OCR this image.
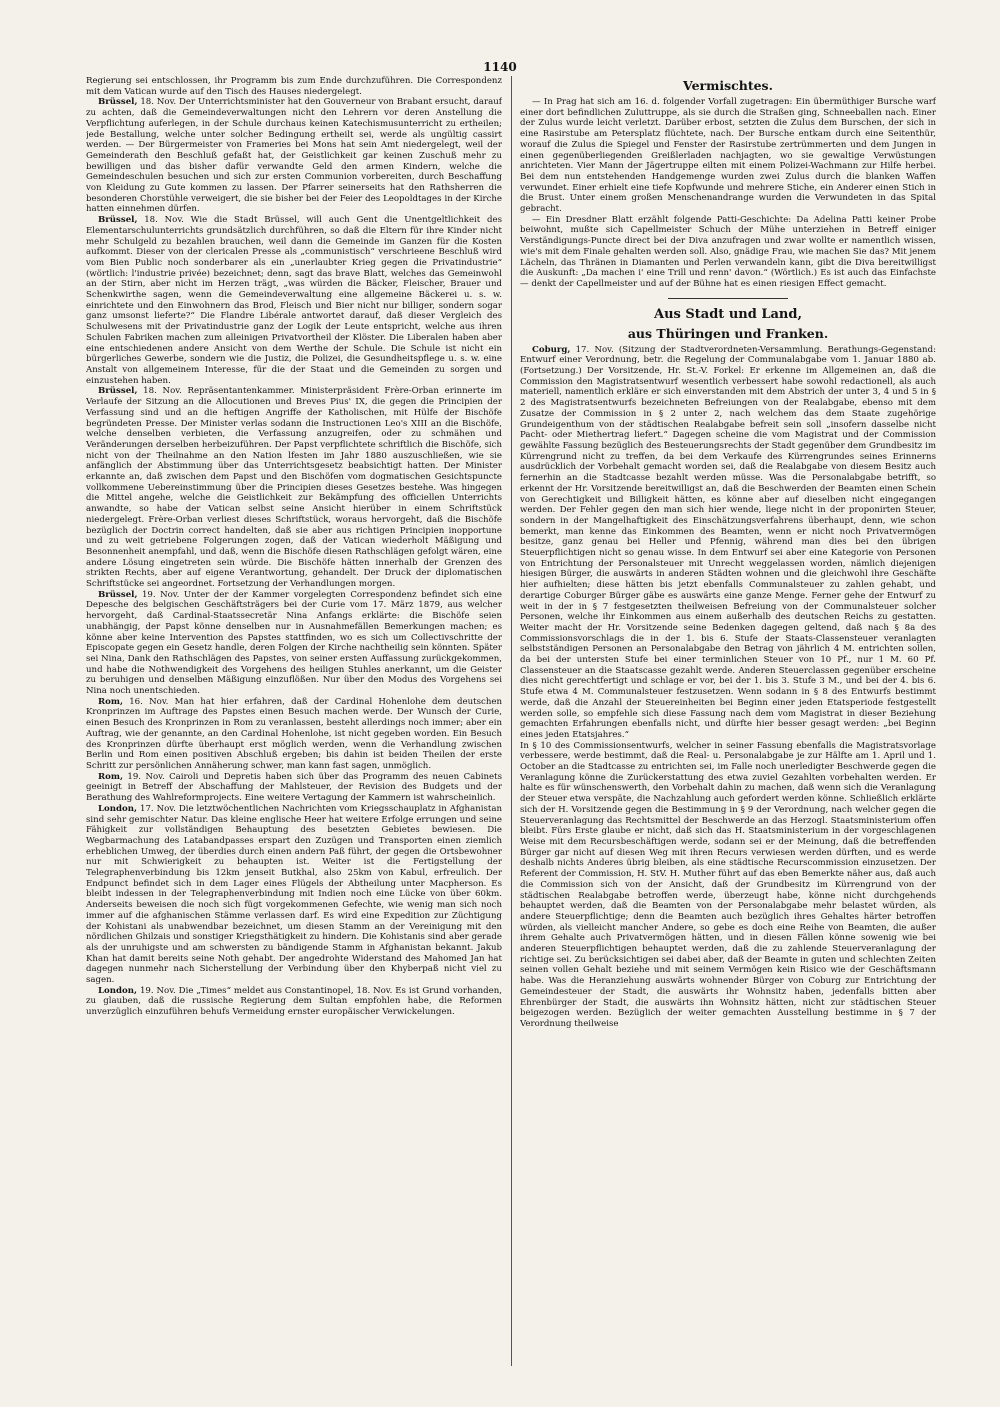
1140

Regierung sei entschlossen, ihr Programm bis zum Ende durchzuführen. Die Correspondenz mit dem Vatican wurde auf den Tisch des Hauses niedergelegt.

Brüssel, 18. Nov. Der Unterrichtsminister hat den Gouverneur von Brabant ersucht, darauf zu achten, daß die Gemeindeverwaltungen nicht den Lehrern vor deren Anstellung die Verpflichtung auferlegen, in der Schule durchaus keinen Katechismusunterricht zu ertheilen; jede Bestallung, welche unter solcher Bedingung ertheilt sei, werde als ungültig cassirt werden. — Der Bürgermeister von Frameries bei Mons hat sein Amt niedergelegt, weil der Gemeinderath den Beschluß gefaßt hat, der Geistlichkeit gar keinen Zuschuß mehr zu bewilligen und das bisher dafür verwandte Geld den armen Kindern, welche die Gemeindeschulen besuchen und sich zur ersten Communion vorbereiten, durch Beschaffung von Kleidung zu Gute kommen zu lassen. Der Pfarrer seinerseits hat den Rathsherren die besonderen Chorstühle verweigert, die sie bisher bei der Feier des Leopoldtages in der Kirche hatten einnehmen dürfen.

Brüssel, 18. Nov. Wie die Stadt Brüssel, will auch Gent die Unentgeltlichkeit des Elementarschulunterrichts grundsätzlich durchführen, so daß die Eltern für ihre Kinder nicht mehr Schulgeld zu bezahlen brauchen, weil dann die Gemeinde im Ganzen für die Kosten aufkommt. Dieser von der clericalen Presse als „communistisch“ verschrieene Beschluß wird vom Bien Public noch sonderbarer als ein „unerlaubter Krieg gegen die Privatindustrie“ (wörtlich: l'industrie privée) bezeichnet; denn, sagt das brave Blatt, welches das Gemeinwohl an der Stirn, aber nicht im Herzen trägt, „was würden die Bäcker, Fleischer, Brauer und Schenkwirthe sagen, wenn die Gemeindeverwaltung eine allgemeine Bäckerei u. s. w. einrichtete und den Einwohnern das Brod, Fleisch und Bier nicht nur billiger, sondern sogar ganz umsonst lieferte?“ Die Flandre Libérale antwortet darauf, daß dieser Vergleich des Schulwesens mit der Privatindustrie ganz der Logik der Leute entspricht, welche aus ihren Schulen Fabriken machen zum alleinigen Privatvortheil der Klöster. Die Liberalen haben aber eine entschiedenen andere Ansicht von dem Werthe der Schule. Die Schule ist nicht ein bürgerliches Gewerbe, sondern wie die Justiz, die Polizei, die Gesundheitspflege u. s. w. eine Anstalt von allgemeinem Interesse, für die der Staat und die Gemeinden zu sorgen und einzustehen haben.

Brüssel, 18. Nov. Repräsentantenkammer. Ministerpräsident Frère-Orban erinnerte im Verlaufe der Sitzung an die Allocutionen und Breves Pius' IX, die gegen die Principien der Verfassung sind und an die heftigen Angriffe der Katholischen, mit Hülfe der Bischöfe begründeten Presse. Der Minister verlas sodann die Instructionen Leo's XIII an die Bischöfe, welche denselben verbieten, die Verfassung anzugreifen, oder zu schmähen und Veränderungen derselben herbeizuführen. Der Papst verpflichtete schriftlich die Bischöfe, sich nicht von der Theilnahme an den Nation lfesten im Jahr 1880 auszuschließen, wie sie anfänglich der Abstimmung über das Unterrichtsgesetz beabsichtigt hatten. Der Minister erkannte an, daß zwischen dem Papst und den Bischöfen vom dogmatischen Gesichtspuncte vollkommene Uebereinstimmung über die Principien dieses Gesetzes bestehe. Was hingegen die Mittel angehe, welche die Geistlichkeit zur Bekämpfung des officiellen Unterrichts anwandte, so habe der Vatican selbst seine Ansicht hierüber in einem Schriftstück niedergelegt. Frère-Orban verliest dieses Schriftstück, woraus hervorgeht, daß die Bischöfe bezüglich der Doctrin correct handelten, daß sie aber aus richtigen Principien inopportune und zu weit getriebene Folgerungen zogen, daß der Vatican wiederholt Mäßigung und Besonnenheit anempfahl, und daß, wenn die Bischöfe diesen Rathschlägen gefolgt wären, eine andere Lösung eingetreten sein würde. Die Bischöfe hätten innerhalb der Grenzen des strikten Rechts, aber auf eigene Verantwortung, gehandelt. Der Druck der diplomatischen Schriftstücke sei angeordnet. Fortsetzung der Verhandlungen morgen.

Brüssel, 19. Nov. Unter der der Kammer vorgelegten Correspondenz befindet sich eine Depesche des belgischen Geschäftsträgers bei der Curie vom 17. März 1879, aus welcher hervorgeht, daß Cardinal-Staatssecretär Nina Anfangs erklärte: die Bischöfe seien unabhängig, der Papst könne denselben nur in Ausnahmefällen Bemerkungen machen; es könne aber keine Intervention des Papstes stattfinden, wo es sich um Collectivschritte der Episcopate gegen ein Gesetz handle, deren Folgen der Kirche nachtheilig sein könnten. Später sei Nina, Dank den Rathschlägen des Papstes, von seiner ersten Auffassung zurückgekommen, und habe die Nothwendigkeit des Vorgehens des heiligen Stuhles anerkannt, um die Geister zu beruhigen und denselben Mäßigung einzuflößen. Nur über den Modus des Vorgehens sei Nina noch unentschieden.

Rom, 16. Nov. Man hat hier erfahren, daß der Cardinal Hohenlohe dem deutschen Kronprinzen im Auftrage des Papstes einen Besuch machen werde. Der Wunsch der Curie, einen Besuch des Kronprinzen in Rom zu veranlassen, besteht allerdings noch immer; aber ein Auftrag, wie der genannte, an den Cardinal Hohenlohe, ist nicht gegeben worden. Ein Besuch des Kronprinzen dürfte überhaupt erst möglich werden, wenn die Verhandlung zwischen Berlin und Rom einen positiven Abschluß ergeben; bis dahin ist beiden Theilen der erste Schritt zur persönlichen Annäherung schwer, man kann fast sagen, unmöglich.

Rom, 19. Nov. Cairoli und Depretis haben sich über das Programm des neuen Cabinets geeinigt in Betreff der Abschaffung der Mahlsteuer, der Revision des Budgets und der Berathung des Wahlreformprojects. Eine weitere Vertagung der Kammern ist wahrscheinlich.

London, 17. Nov. Die letztwöchentlichen Nachrichten vom Kriegsschauplatz in Afghanistan sind sehr gemischter Natur. Das kleine englische Heer hat weitere Erfolge errungen und seine Fähigkeit zur vollständigen Behauptung des besetzten Gebietes bewiesen. Die Wegbarmachung des Latabandpasses erspart den Zuzügen und Transporten einen ziemlich erheblichen Umweg, der überdies durch einen andern Paß führt, der gegen die Ortsbewohner nur mit Schwierigkeit zu behaupten ist. Weiter ist die Fertigstellung der Telegraphenverbindung bis 12km jenseit Butkhal, also 25km von Kabul, erfreulich. Der Endpunct befindet sich in dem Lager eines Flügels der Abtheilung unter Macpherson. Es bleibt indessen in der Telegraphenverbindung mit Indien noch eine Lücke von über 60km. Anderseits beweisen die noch sich fügt vorgekommenen Gefechte, wie wenig man sich noch immer auf die afghanischen Stämme verlassen darf. Es wird eine Expedition zur Züchtigung der Kohistani als unabwendbar bezeichnet, um diesen Stamm an der Vereinigung mit den nördlichen Ghilzais und sonstiger Kriegsthätigkeit zu hindern. Die Kohistanis sind aber gerade als der unruhigste und am schwersten zu bändigende Stamm in Afghanistan bekannt. Jakub Khan hat damit bereits seine Noth gehabt. Der angedrohte Widerstand des Mahomed Jan hat dagegen nunmehr nach Sicherstellung der Verbindung über den Khyberpaß nicht viel zu sagen.

London, 19. Nov. Die „Times“ meldet aus Constantinopel, 18. Nov. Es ist Grund vorhanden, zu glauben, daß die russische Regierung dem Sultan empfohlen habe, die Reformen unverzüglich einzuführen behufs Vermeidung ernster europäischer Verwickelungen.

Vermischtes.

— In Prag hat sich am 16. d. folgender Vorfall zugetragen: Ein übermüthiger Bursche warf einer dort befindlichen Zuluttruppe, als sie durch die Straßen ging, Schneeballen nach. Einer der Zulus wurde leicht verletzt. Darüber erbost, setzten die Zulus dem Burschen, der sich in eine Rasirstube am Petersplatz flüchtete, nach. Der Bursche entkam durch eine Seitenthür, worauf die Zulus die Spiegel und Fenster der Rasirstube zertrümmerten und dem Jungen in einen gegenüberliegenden Greißlerladen nachjagten, wo sie gewaltige Verwüstungen anrichteten. Vier Mann der Jägertruppe eilten mit einem Polizei-Wachmann zur Hilfe herbei. Bei dem nun entstehenden Handgemenge wurden zwei Zulus durch die blanken Waffen verwundet. Einer erhielt eine tiefe Kopfwunde und mehrere Stiche, ein Anderer einen Stich in die Brust. Unter einem großen Menschenandrange wurden die Verwundeten in das Spital gebracht.

— Ein Dresdner Blatt erzählt folgende Patti-Geschichte: Da Adelina Patti keiner Probe beiwohnt, mußte sich Capellmeister Schuch der Mühe unterziehen in Betreff einiger Verständigungs-Puncte direct bei der Diva anzufragen und zwar wollte er namentlich wissen, wie's mit dem Finale gehalten werden soll. Also, gnädige Frau, wie machen Sie das? Mit jenem Lächeln, das Thränen in Diamanten und Perlen verwandeln kann, gibt die Diva bereitwilligst die Auskunft: „Da machen i' eine Trill und renn' davon.“ (Wörtlich.) Es ist auch das Einfachste — denkt der Capellmeister und auf der Bühne hat es einen riesigen Effect gemacht.

Aus Stadt und Land,
aus Thüringen und Franken.

Coburg, 17. Nov. (Sitzung der Stadtverordneten-Versammlung. Berathungs-Gegenstand: Entwurf einer Verordnung, betr. die Regelung der Communalabgabe vom 1. Januar 1880 ab. (Fortsetzung.) Der Vorsitzende, Hr. St.-V. Forkel: Er erkenne im Allgemeinen an, daß die Commission den Magistratsentwurf wesentlich verbessert habe sowohl redactionell, als auch materiell, namentlich erkläre er sich einverstanden mit dem Abstrich der unter 3, 4 und 5 in § 2 des Magistratsentwurfs bezeichneten Befreiungen von der Realabgabe, ebenso mit dem Zusatze der Commission in § 2 unter 2, nach welchem das dem Staate zugehörige Grundeigenthum von der städtischen Realabgabe befreit sein soll „insofern dasselbe nicht Pacht- oder Miethertrag liefert.“ Dagegen scheine die vom Magistrat und der Commission gewählte Fassung bezüglich des Besteuerungsrechts der Stadt gegenüber dem Grundbesitz im Kürrengrund nicht zu treffen, da bei dem Verkaufe des Kürrengrundes seines Erinnerns ausdrücklich der Vorbehalt gemacht worden sei, daß die Realabgabe von diesem Besitz auch fernerhin an die Stadtcasse bezahlt werden müsse. Was die Personalabgabe betrifft, so erkennt der Hr. Vorsitzende bereitwilligst an, daß die Beschwerden der Beamten einen Schein von Gerechtigkeit und Billigkeit hätten, es könne aber auf dieselben nicht eingegangen werden. Der Fehler gegen den man sich hier wende, liege nicht in der proponirten Steuer, sondern in der Mangelhaftigkeit des Einschätzungsverfahrens überhaupt, denn, wie schon bemerkt, man kenne das Einkommen des Beamten, wenn er nicht noch Privatvermögen besitze, ganz genau bei Heller und Pfennig, während man dies bei den übrigen Steuerpflichtigen nicht so genau wisse. In dem Entwurf sei aber eine Kategorie von Personen von Entrichtung der Personalsteuer mit Unrecht weggelassen worden, nämlich diejenigen hiesigen Bürger, die auswärts in anderen Städten wohnen und die gleichwohl ihre Geschäfte hier aufhielten; diese hätten bis jetzt ebenfalls Communalsteuer zu zahlen gehabt, und derartige Coburger Bürger gäbe es auswärts eine ganze Menge. Ferner gehe der Entwurf zu weit in der in § 7 festgesetzten theilweisen Befreiung von der Communalsteuer solcher Personen, welche ihr Einkommen aus einem außerhalb des deutschen Reichs zu gestatten. Weiter macht der Hr. Vorsitzende seine Bedenken dagegen geltend, daß nach § 8a des Commissionsvorschlags die in der 1. bis 6. Stufe der Staats-Classensteuer veranlagten selbstständigen Personen an Personalabgabe den Betrag von jährlich 4 M. entrichten sollen, da bei der untersten Stufe bei einer terminlichen Steuer von 10 Pf., nur 1 M. 60 Pf. Classensteuer an die Staatscasse gezahlt werde. Anderen Steuerclassen gegenüber erscheine dies nicht gerechtfertigt und schlage er vor, bei der 1. bis 3. Stufe 3 M., und bei der 4. bis 6. Stufe etwa 4 M. Communalsteuer festzusetzen. Wenn sodann in § 8 des Entwurfs bestimmt werde, daß die Anzahl der Steuereinheiten bei Beginn einer jeden Etatsperiode festgestellt werden solle, so empfehle sich diese Fassung nach dem vom Magistrat in dieser Beziehung gemachten Erfahrungen ebenfalls nicht, und dürfte hier besser gesagt werden: „bei Beginn eines jeden Etatsjahres.“

In § 10 des Commissionsentwurfs, welcher in seiner Fassung ebenfalls die Magistratsvorlage verbessere, werde bestimmt, daß die Real- u. Personalabgabe je zur Hälfte am 1. April und 1. October an die Stadtcasse zu entrichten sei, im Falle noch unerledigter Beschwerde gegen die Veranlagung könne die Zurückerstattung des etwa zuviel Gezahlten vorbehalten werden. Er halte es für wünschenswerth, den Vorbehalt dahin zu machen, daß wenn sich die Veranlagung der Steuer etwa verspäte, die Nachzahlung auch gefordert werden könne. Schließlich erklärte sich der H. Vorsitzende gegen die Bestimmung in § 9 der Verordnung, nach welcher gegen die Steuerveranlagung das Rechtsmittel der Beschwerde an das Herzogl. Staatsministerium offen bleibt. Fürs Erste glaube er nicht, daß sich das H. Staatsministerium in der vorgeschlagenen Weise mit dem Recursbeschäftigen werde, sodann sei er der Meinung, daß die betreffenden Bürger gar nicht auf diesen Weg mit ihren Recurs verwiesen werden dürften, und es werde deshalb nichts Anderes übrig bleiben, als eine städtische Recurscommission einzusetzen. Der Referent der Commission, H. StV. H. Muther führt auf das eben Bemerkte näher aus, daß auch die Commission sich von der Ansicht, daß der Grundbesitz im Kürrengrund von der städtischen Realabgabe betroffen werde, überzeugt habe, könne nicht durchgehends behauptet werden, daß die Beamten von der Personalabgabe mehr belastet würden, als andere Steuerpflichtige; denn die Beamten auch bezüglich ihres Gehaltes härter betroffen würden, als vielleicht mancher Andere, so gebe es doch eine Reihe von Beamten, die außer ihrem Gehalte auch Privatvermögen hätten, und in diesen Fällen könne sowenig wie bei anderen Steuerpflichtigen behauptet werden, daß die zu zahlende Steuerveranlagung der richtige sei. Zu berücksichtigen sei dabei aber, daß der Beamte in guten und schlechten Zeiten seinen vollen Gehalt beziehe und mit seinem Vermögen kein Risico wie der Geschäftsmann habe. Was die Heranziehung auswärts wohnender Bürger von Coburg zur Entrichtung der Gemeindesteuer der Stadt, die auswärts ihr Wohnsitz haben, jedenfalls bitten aber Ehrenbürger der Stadt, die auswärts ihn Wohnsitz hätten, nicht zur städtischen Steuer beigezogen werden. Bezüglich der weiter gemachten Ausstellung bestimme in § 7 der Verordnung theilweise
